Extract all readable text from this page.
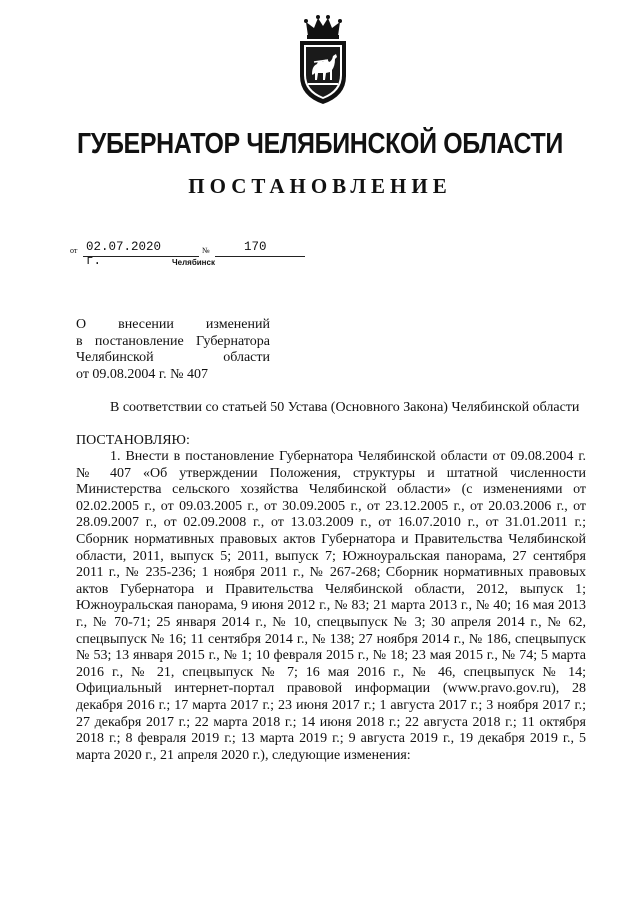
ГУБЕРНАТОР ЧЕЛЯБИНСКОЙ ОБЛАСТИ
ПОСТАНОВЛЕНИЕ
от 02.07.2020 г.
№	170
Челябинск
О внесении изменений
в постановление Губернатора
Челябинской области
от 09.08.2004 г. № 407
В соответствии со статьей 50 Устава (Основного Закона) Челябинской области
ПОСТАНОВЛЯЮ:
1. Внести в постановление Губернатора Челябинской области от 09.08.2004 г. № 407 «Об утверждении Положения, структуры и штатной численности Министерства сельского хозяйства Челябинской области» (с изменениями от 02.02.2005 г., от 09.03.2005 г., от 30.09.2005 г., от 23.12.2005 г., от 20.03.2006 г., от 28.09.2007 г., от 02.09.2008 г., от 13.03.2009 г., от 16.07.2010 г., от 31.01.2011 г.; Сборник нормативных правовых актов Губернатора и Правительства Челябинской области, 2011, выпуск 5; 2011, выпуск 7; Южноуральская панорама, 27 сентября 2011 г., № 235-236; 1 ноября 2011 г., № 267-268; Сборник нормативных правовых актов Губернатора и Правительства Челябинской области, 2012, выпуск 1; Южноуральская панорама, 9 июня 2012 г., № 83; 21 марта 2013 г., № 40; 16 мая 2013 г., № 70-71; 25 января 2014 г., № 10, спецвыпуск № 3; 30 апреля 2014 г., № 62, спецвыпуск № 16; 11 сентября 2014 г., № 138; 27 ноября 2014 г., № 186, спецвыпуск № 53; 13 января 2015 г., № 1; 10 февраля 2015 г., № 18; 23 мая 2015 г., № 74; 5 марта 2016 г., № 21, спецвыпуск № 7; 16 мая 2016 г., № 46, спецвыпуск № 14; Официальный интернет-портал правовой информации (www.pravo.gov.ru), 28 декабря 2016 г.; 17 марта 2017 г.; 23 июня 2017 г.; 1 августа 2017 г.; 3 ноября 2017 г.; 27 декабря 2017 г.; 22 марта 2018 г.; 14 июня 2018 г.; 22 августа 2018 г.; 11 октября 2018 г.; 8 февраля 2019 г.; 13 марта 2019 г.; 9 августа 2019 г., 19 декабря 2019 г., 5 марта 2020 г., 21 апреля 2020 г.), следующие изменения:
